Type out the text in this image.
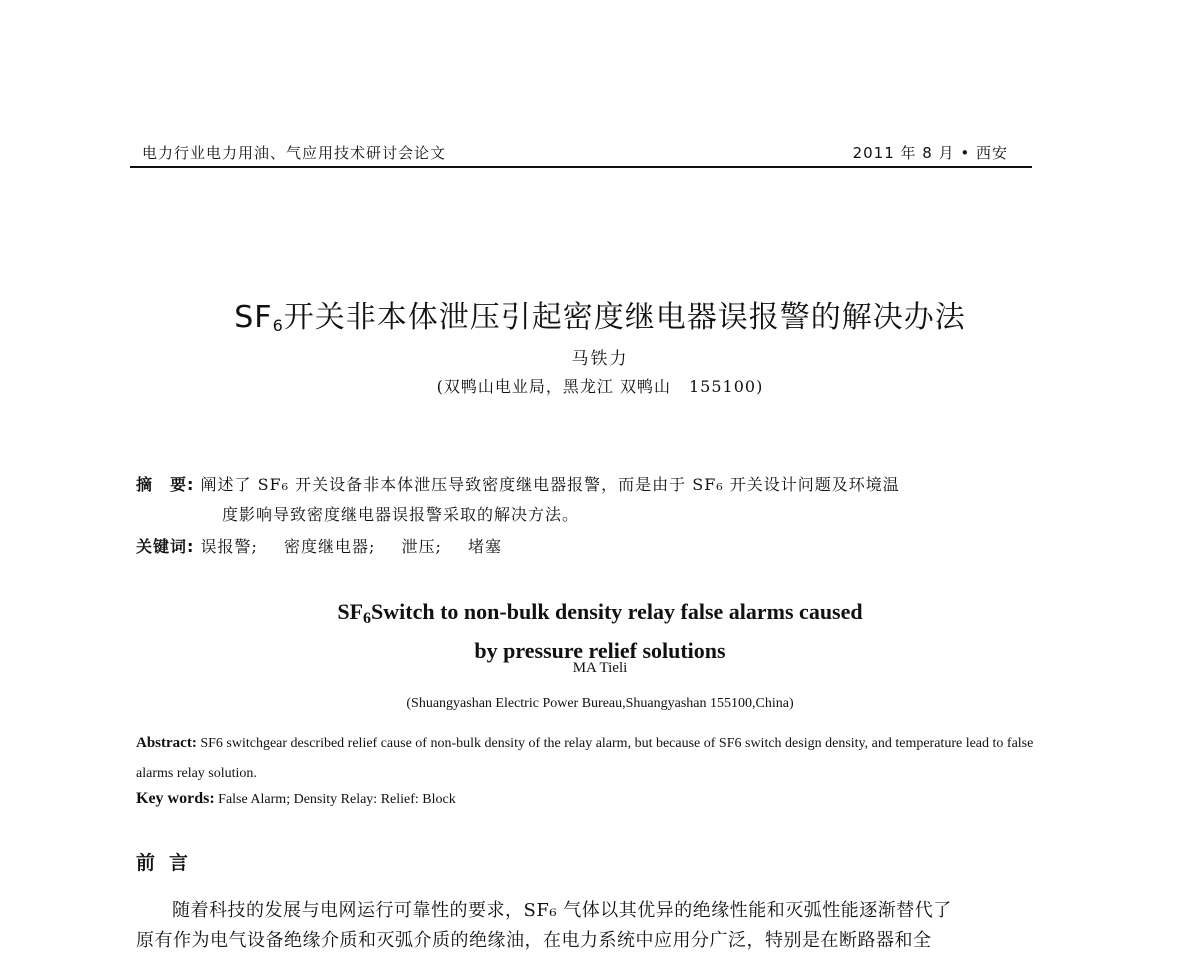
电力行业电力用油、气应用技术研讨会论文	2011 年 8 月 • 西安
$SF_6$开关非本体泄压引起密度继电器误报警的解决办法
马铁力
(双鸭山电业局，黑龙江 双鸭山 155100)
摘　要: 阐述了 SF₆ 开关设备非本体泄压导致密度继电器报警，而是由于 SF₆ 开关设计问题及环境温
度影响导致密度继电器误报警采取的解决方法。
关键词: 误报警; 密度继电器; 泄压; 堵塞
$SF_6Switch$ to non-bulk density relay false alarms caused
by pressure relief solutions
MA Tieli
(Shuangyashan Electric Power Bureau,Shuangyashan 155100,China)
Abstract: SF6 switchgear described relief cause of non-bulk density of the relay alarm, but because of SF6 switch design density, and temperature lead to false alarms relay solution.
Key words: False Alarm; Density Relay: Relief: Block
前言
随着科技的发展与电网运行可靠性的要求，SF₆ 气体以其优异的绝缘性能和灭弧性能逐渐替代了
原有作为电气设备绝缘介质和灭弧介质的绝缘油，在电力系统中应用分广泛，特别是在断路器和全
